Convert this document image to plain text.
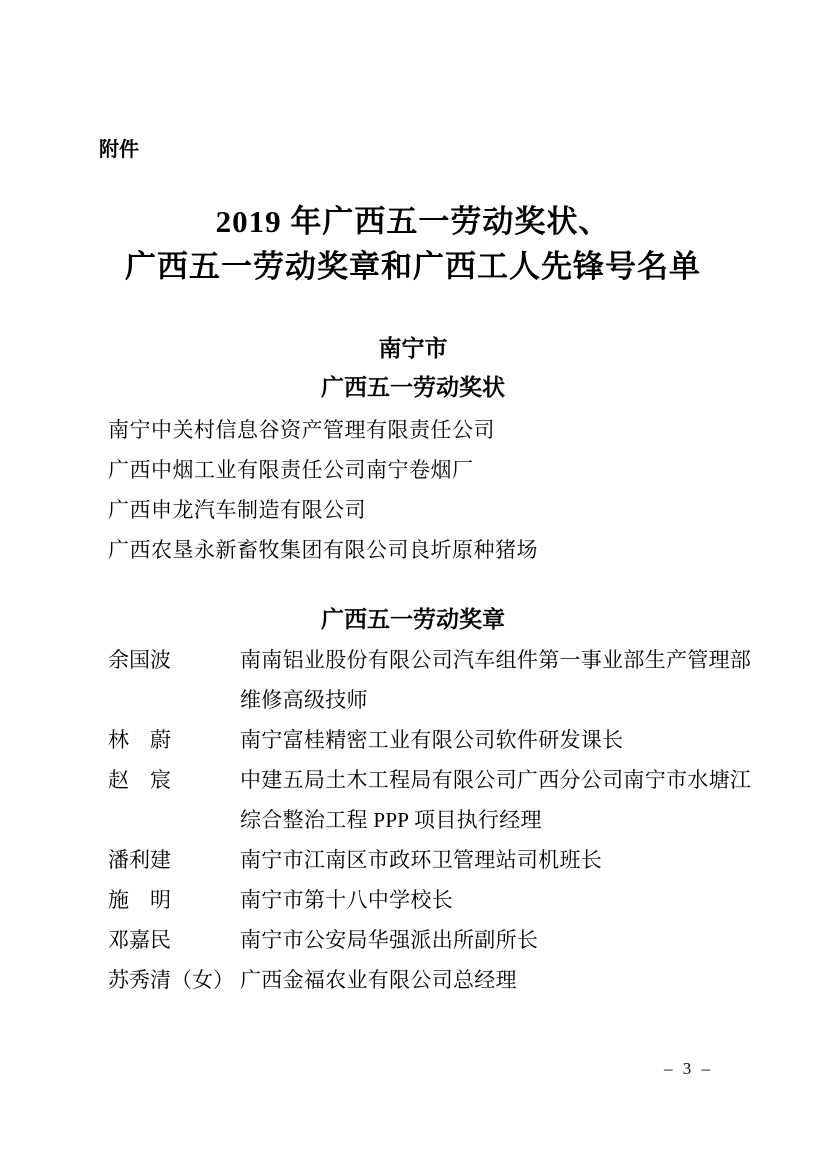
附件
2019 年广西五一劳动奖状、
广西五一劳动奖章和广西工人先锋号名单
南宁市
广西五一劳动奖状
南宁中关村信息谷资产管理有限责任公司
广西中烟工业有限责任公司南宁卷烟厂
广西申龙汽车制造有限公司
广西农垦永新畜牧集团有限公司良圻原种猪场
广西五一劳动奖章
余国波	南南铝业股份有限公司汽车组件第一事业部生产管理部维修高级技师
林　蔚	南宁富桂精密工业有限公司软件研发课长
赵　宸	中建五局土木工程局有限公司广西分公司南宁市水塘江综合整治工程 PPP 项目执行经理
潘利建	南宁市江南区市政环卫管理站司机班长
施　明	南宁市第十八中学校长
邓嘉民	南宁市公安局华强派出所副所长
苏秀清（女） 广西金福农业有限公司总经理
– 3 –
